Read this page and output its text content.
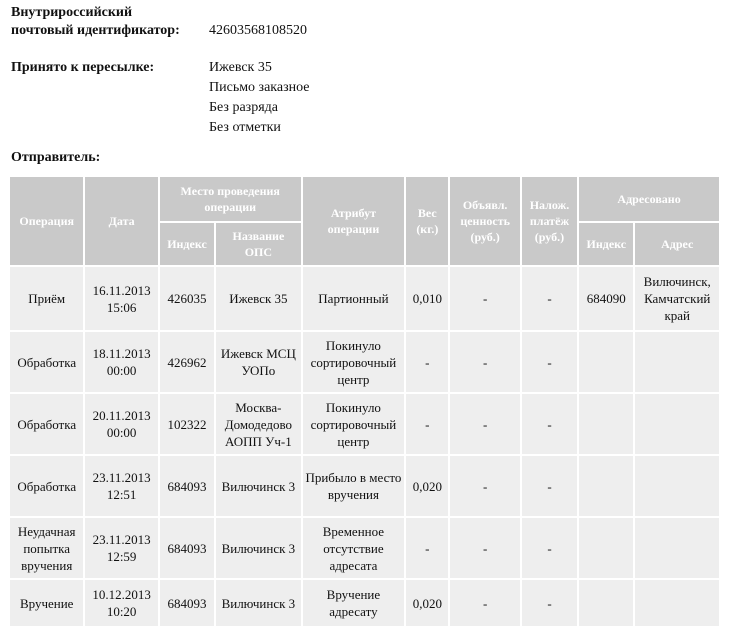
Внутрироссийский
почтовый идентификатор:	42603568108520
Принято к пересылке:	Ижевск 35
Письмо заказное
Без разряда
Без отметки
Отправитель:
Операция	Дата	Место проведения операции		Атрибут операции	Вес (кг.)	Объявл. ценность (руб.)	Налож. платёж (руб.)	Адресовано	
		Индекс	Название ОПС					Индекс	Адрес
Приём	16.11.2013 15:06	426035	Ижевск 35	Партионный	0,010	-	-	684090	Вилючинск, Камчатский край
Обработка	18.11.2013 00:00	426962	Ижевск МСЦ УОПо	Покинуло сортировочный центр	-	-	-		
Обработка	20.11.2013 00:00	102322	Москва-Домодедово АОПП Уч-1	Покинуло сортировочный центр	-	-	-		
Обработка	23.11.2013 12:51	684093	Вилючинск 3	Прибыло в место вручения	0,020	-	-		
Неудачная попытка вручения	23.11.2013 12:59	684093	Вилючинск 3	Временное отсутствие адресата	-	-	-		
Вручение	10.12.2013 10:20	684093	Вилючинск 3	Вручение адресату	0,020	-	-		
